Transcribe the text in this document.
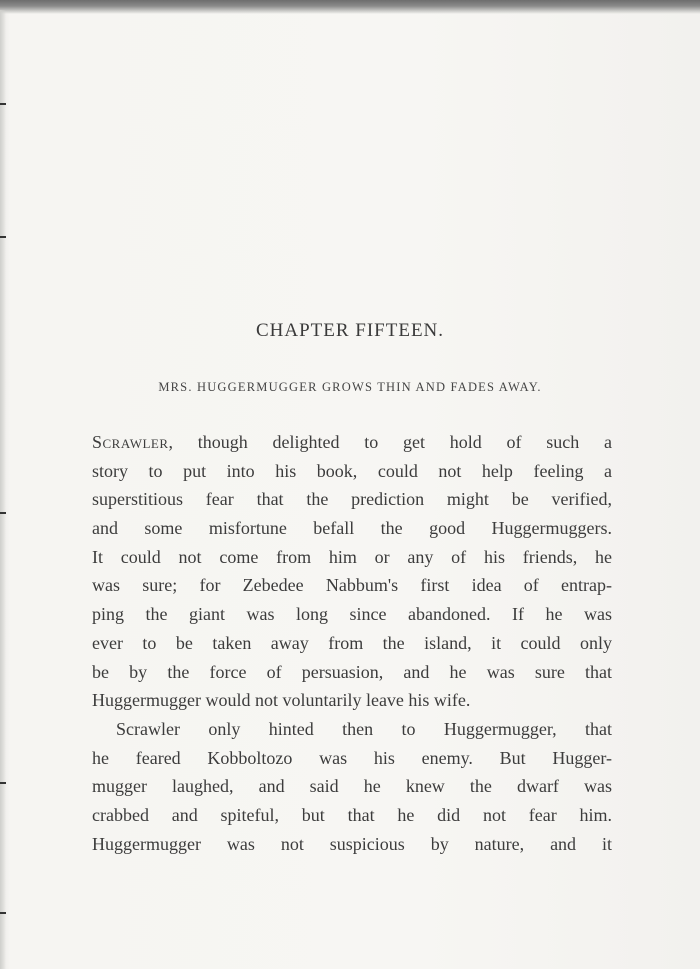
CHAPTER FIFTEEN.
MRS. HUGGERMUGGER GROWS THIN AND FADES AWAY.
Scrawler, though delighted to get hold of such a
story to put into his book, could not help feeling a
superstitious fear that the prediction might be verified,
and some misfortune befall the good Huggermuggers.
It could not come from him or any of his friends, he
was sure; for Zebedee Nabbum's first idea of entrap-
ping the giant was long since abandoned. If he was
ever to be taken away from the island, it could only
be by the force of persuasion, and he was sure that
Huggermugger would not voluntarily leave his wife.
Scrawler only hinted then to Huggermugger, that
he feared Kobboltozo was his enemy. But Hugger-
mugger laughed, and said he knew the dwarf was
crabbed and spiteful, but that he did not fear him.
Huggermugger was not suspicious by nature, and it
